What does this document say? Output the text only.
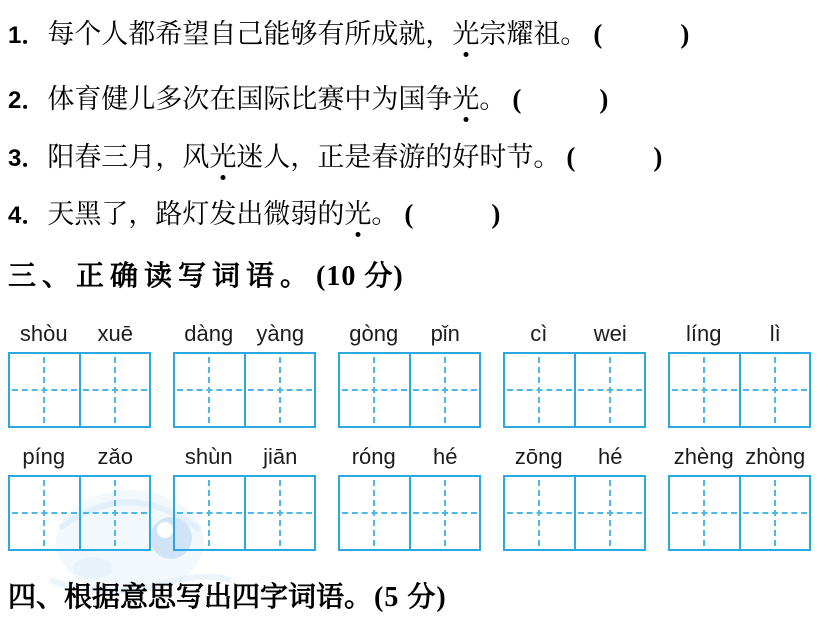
1．每个人都希望自己能够有所成就，光宗耀祖。 (	)
2．体育健儿多次在国际比赛中为国争光。 (	)
3．阳春三月，风光迷人，正是春游的好时节。 (	)
4．天黑了，路灯发出微弱的光。 (	)
三、正确读写词语。(10 分)
shòu	xuē	dàng	yàng	gòng	pǐn	cì	wei	líng	lì
píng	zǎo	shùn	jiān	róng	hé	zōng	hé	zhèng zhòng
四、根据意思写出四字词语。(5 分)
